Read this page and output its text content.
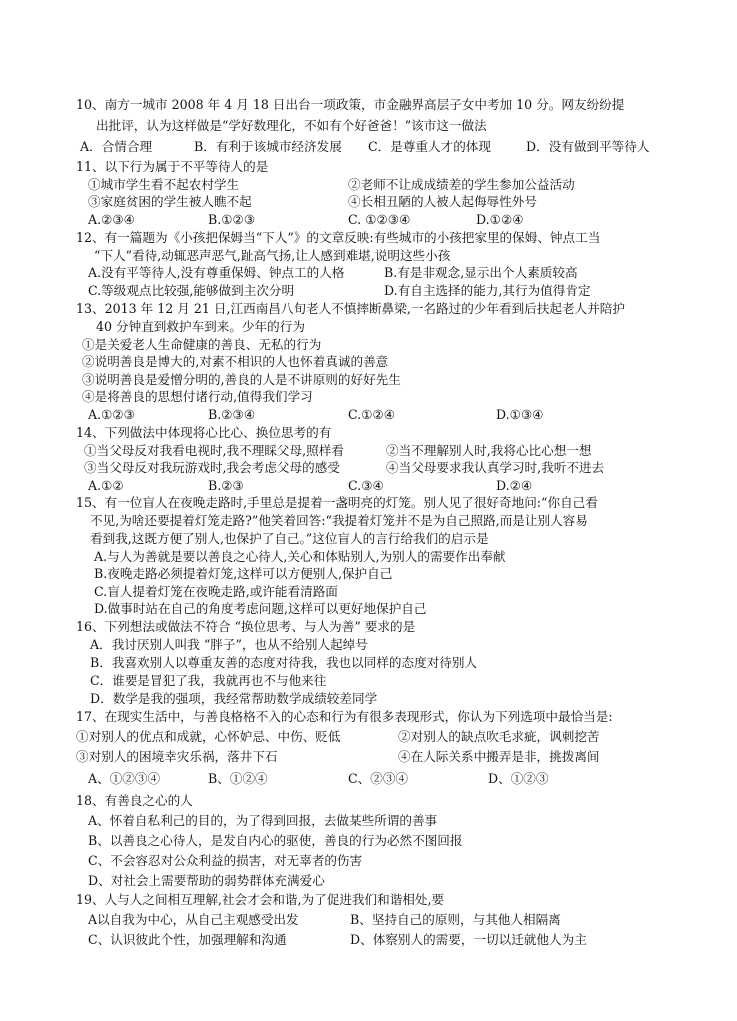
10、南方一城市 2008 年 4 月 18 日出台一项政策，市金融界高层子女中考加 10 分。网友纷纷提
出批评，认为这样做是“学好数理化，不如有个好爸爸！”该市这一做法
A．合情合理	B．有利于该城市经济发展 C．是尊重人才的体现	D．没有做到平等待人
11、以下行为属于不平等待人的是
①城市学生看不起农村学生	②老师不让成成绩差的学生参加公益活动
③家庭贫困的学生被人瞧不起	④长相丑陋的人被人起侮辱性外号
A.②③④	B.①②③	C. ①②③④	D.①②④
12、有一篇题为《小孩把保姆当“下人”》的文章反映:有些城市的小孩把家里的保姆、钟点工当
“下人”看待,动辄恶声恶气,趾高气扬,让人感到难堪,说明这些小孩
A.没有平等待人,没有尊重保姆、钟点工的人格	B.有是非观念,显示出个人素质较高
C.等级观点比较强,能够做到主次分明	D.有自主选择的能力,其行为值得肯定
13、2013 年 12 月 21 日,江西南昌八旬老人不慎摔断鼻梁,一名路过的少年看到后扶起老人并陪护
40 分钟直到救护车到来。少年的行为
①是关爱老人生命健康的善良、无私的行为
②说明善良是博大的,对素不相识的人也怀着真诚的善意
③说明善良是爱憎分明的,善良的人是不讲原则的好好先生
④是将善良的思想付诸行动,值得我们学习
A.①②③	B.②③④	C.①②④	D.①③④
14、下列做法中体现将心比心、换位思考的有
①当父母反对我看电视时,我不理睬父母,照样看	②当不理解别人时,我将心比心想一想
③当父母反对我玩游戏时,我会考虑父母的感受	④当父母要求我认真学习时,我听不进去
A.①②	B.②③	C.③④	D.②④
15、有一位盲人在夜晚走路时,手里总是提着一盏明亮的灯笼。别人见了很好奇地问:“你自己看
不见,为啥还要提着灯笼走路?”他笑着回答:“我提着灯笼并不是为自己照路,而是让别人容易
看到我,这既方便了别人,也保护了自己。”这位盲人的言行给我们的启示是
A.与人为善就是要以善良之心待人,关心和体贴别人,为别人的需要作出奉献
B.夜晚走路必须提着灯笼,这样可以方便别人,保护自己
C.盲人提着灯笼在夜晚走路,或许能看清路面
D.做事时站在自己的角度考虑问题,这样可以更好地保护自己
16、下列想法或做法不符合 “换位思考、与人为善” 要求的是
A．我讨厌别人叫我 “胖子”，也从不给别人起绰号
B．我喜欢别人以尊重友善的态度对待我，我也以同样的态度对待别人
C．谁要是冒犯了我，我就再也不与他来往
D．数学是我的强项，我经常帮助数学成绩较差同学
17、在现实生活中，与善良格格不入的心态和行为有很多表现形式，你认为下列选项中最恰当是:
①对别人的优点和成就，心怀妒忌、中伤、贬低	②对别人的缺点吹毛求疵，讽刺挖苦
③对别人的困境幸灾乐祸，落井下石	④在人际关系中搬弄是非，挑拨离间
A、①②③④	B、①②④	C、②③④	D、①②③
18、有善良之心的人
A、怀着自私利己的目的，为了得到回报，去做某些所谓的善事
B、以善良之心待人，是发自内心的驱使，善良的行为必然不图回报
C、不会容忍对公众利益的损害，对无辜者的伤害
D、对社会上需要帮助的弱势群体充满爱心
19、人与人之间相互理解,社会才会和谐,为了促进我们和谐相处,要
A以自我为中心，从自己主观感受出发	B、坚持自己的原则，与其他人相隔离
C、认识彼此个性，加强理解和沟通	D、体察别人的需要，一切以迁就他人为主
